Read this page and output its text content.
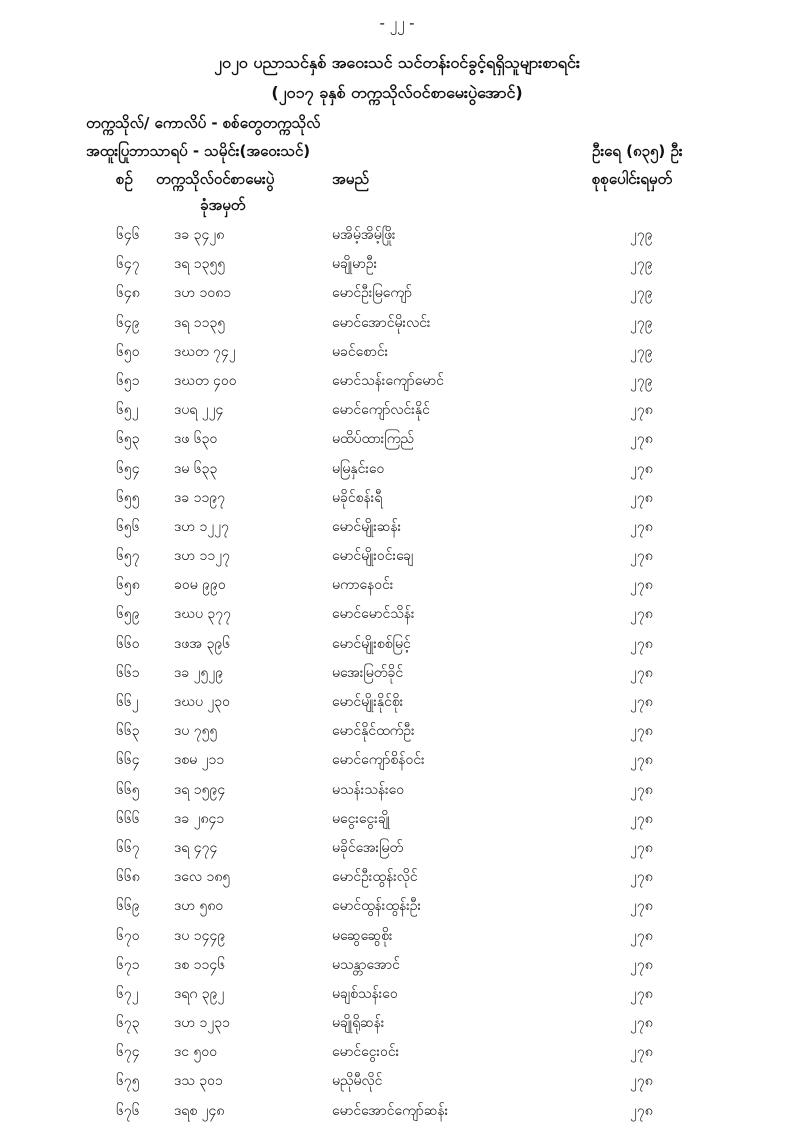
- ၂၂ -
၂၀၂၀ ပညာသင်နှစ် အဝေးသင် သင်တန်းဝင်ခွင့်ရရှိသူများစာရင်း
(၂၀၁၇ ခုနှစ် တက္ကသိုလ်ဝင်စာမေးပွဲအောင်)
တက္ကသိုလ်/ ကောလိပ် - စစ်တွေတက္ကသိုလ်
အထူးပြုဘာသာရပ် - သမိုင်း(အဝေးသင်)	ဦးရေ (၈၃၅) ဦး
စဉ် တက္ကသိုလ်ဝင်စာမေးပွဲ
ခုံအမှတ်
အမည်	စုစုပေါင်းရမှတ်
၆၄၆ ဒခ ၃၄၂၈	မအိမ့်အိမ့်ဖြိုး	၂၇၉
၆၄၇ ဒရ ၁၃၅၅	မချိုမာဦး	၂၇၉
၆၄၈ ဒဟ ၁၀၈၁	မောင်ဦးမြကျော်	၂၇၉
၆၄၉ ဒရ ၁၁၃၅	မောင်အောင်မိုးလင်း	၂၇၉
၆၅၀ ဒဃတ ၇၄၂	မခင်စောင်း	၂၇၉
၆၅၁ ဒဃတ ၄၀၀	မောင်သန်းကျော်မောင်	၂၇၉
၆၅၂	ဒပရ ၂၂၄	မောင်ကျော်လင်းနိုင်	၂၇၈
၆၅၃ ဒဖ ၆၃၀	မထိပ်ထားကြည်	၂၇၈
၆၅၄ ဒမ ၆၃၃	မမြနှင်းဝေ	၂၇၈
၆၅၅ ဒခ ၁၁၉၇	မခိုင်စန်းရီ	၂၇၈
၆၅၆ ဒဟ ၁၂၂၇	မောင်မျိုးဆန်း	၂၇၈
၆၅၇ ဒဟ ၁၁၂၇	မောင်မျိုးဝင်းချေ	၂၇၈
၆၅၈ ခဝမ ၉၉၀	မကာနေဝင်း	၂၇၈
၆၅၉ ဒဃပ ၃၇၇	မောင်မောင်သိန်း	၂၇၈
၆၆၀ ဒဖအ ၃၉၆	မောင်မျိုးစစ်မြင့်	၂၇၈
၆၆၁ ဒခ ၂၅၂၉	မအေးမြတ်ခိုင်	၂၇၈
၆၆၂	ဒဃပ ၂၃၀	မောင်မျိုးနိုင်စိုး	၂၇၈
၆၆၃ ဒပ ၇၅၅	မောင်နိုင်ထက်ဦး	၂၇၈
၆၆၄ ဒစမ ၂၁၁	မောင်ကျော်စိန်ဝင်း	၂၇၈
၆၆၅ ဒရ ၁၅၉၄	မသန်းသန်းဝေ	၂၇၈
၆၆၆ ဒခ ၂၈၄၁	မငွေးငွေးချို	၂၇၈
၆၆၇ ဒရ ၄၇၄	မခိုင်အေးမြတ်	၂၇၈
၆၆၈ ဒလေ ၁၈၅	မောင်ဦးထွန်းလိုင်	၂၇၈
၆၆၉ ဒဟ ၅၈၀	မောင်ထွန်းထွန်းဦး	၂၇၈
၆၇၀ ဒပ ၁၄၄၉	မဆွေဆွေစိုး	၂၇၈
၆၇၁ ဒစ ၁၁၄၆	မသန္တာအောင်	၂၇၈
၆၇၂	ဒရဂ ၃၉၂	မချစ်သန်းဝေ	၂၇၈
၆၇၃ ဒဟ ၁၂၃၁	မချိုရိုဆန်း	၂၇၈
၆၇၄ ဒင ၅၀၀	မောင်ငွေးဝင်း	၂၇၈
၆၇၅ ဒသ ၃၀၁	မညိုမီလိုင်	၂၇၈
၆၇၆ ဒရစ ၂၄၈	မောင်အောင်ကျော်ဆန်း	၂၇၈
